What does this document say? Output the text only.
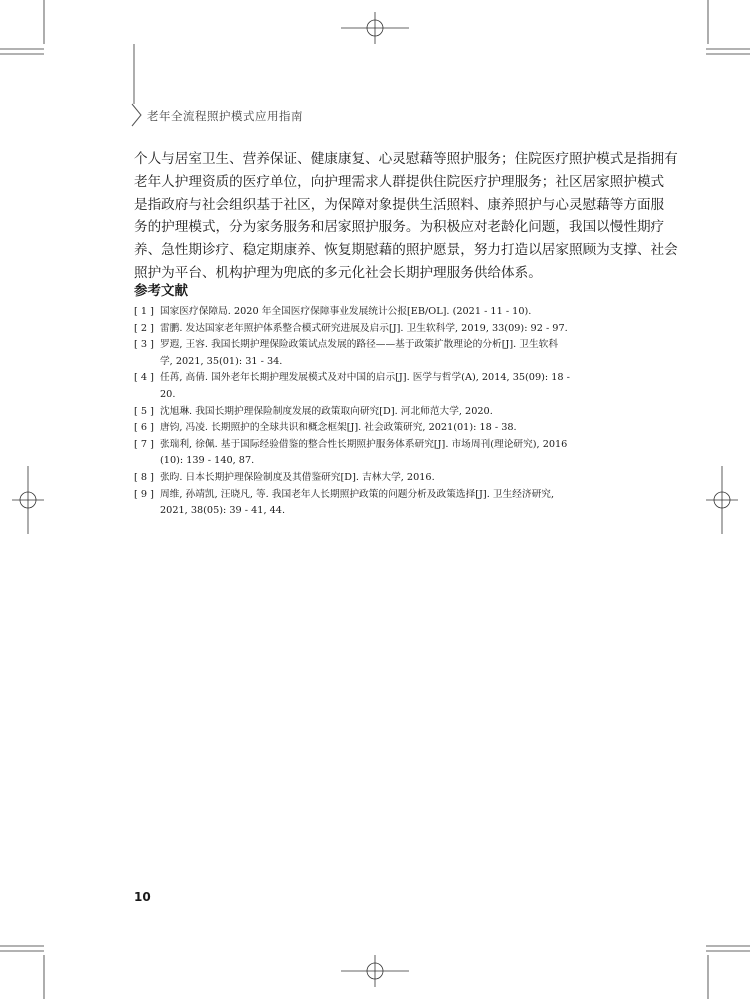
老年全流程照护模式应用指南
个人与居室卫生、营养保证、健康康复、心灵慰藉等照护服务；住院医疗照护模式是指拥有
老年人护理资质的医疗单位，向护理需求人群提供住院医疗护理服务；社区居家照护模式
是指政府与社会组织基于社区，为保障对象提供生活照料、康养照护与心灵慰藉等方面服
务的护理模式，分为家务服务和居家照护服务。为积极应对老龄化问题，我国以慢性期疗
养、急性期诊疗、稳定期康养、恢复期慰藉的照护愿景，努力打造以居家照顾为支撑、社会
照护为平台、机构护理为兜底的多元化社会长期护理服务供给体系。
参考文献
[ 1 ] 国家医疗保障局. 2020 年全国医疗保障事业发展统计公报[EB/OL]. (2021 - 11 - 10).
[ 2 ] 雷鹏. 发达国家老年照护体系整合模式研究进展及启示[J]. 卫生软科学, 2019, 33(09): 92 - 97.
[ 3 ] 罗遐, 王容. 我国长期护理保险政策试点发展的路径——基于政策扩散理论的分析[J]. 卫生软科
学, 2021, 35(01): 31 - 34.
[ 4 ] 任苒, 高倩. 国外老年长期护理发展模式及对中国的启示[J]. 医学与哲学(A), 2014, 35(09): 18 -
20.
[ 5 ] 沈旭琳. 我国长期护理保险制度发展的政策取向研究[D]. 河北师范大学, 2020.
[ 6 ] 唐钧, 冯凌. 长期照护的全球共识和概念框架[J]. 社会政策研究, 2021(01): 18 - 38.
[ 7 ] 张瑞利, 徐佩. 基于国际经验借鉴的整合性长期照护服务体系研究[J]. 市场周刊(理论研究), 2016
(10): 139 - 140, 87.
[ 8 ] 张昀. 日本长期护理保险制度及其借鉴研究[D]. 吉林大学, 2016.
[ 9 ] 周维, 孙靖凯, 汪晓凡, 等. 我国老年人长期照护政策的问题分析及政策选择[J]. 卫生经济研究,
2021, 38(05): 39 - 41, 44.
10
